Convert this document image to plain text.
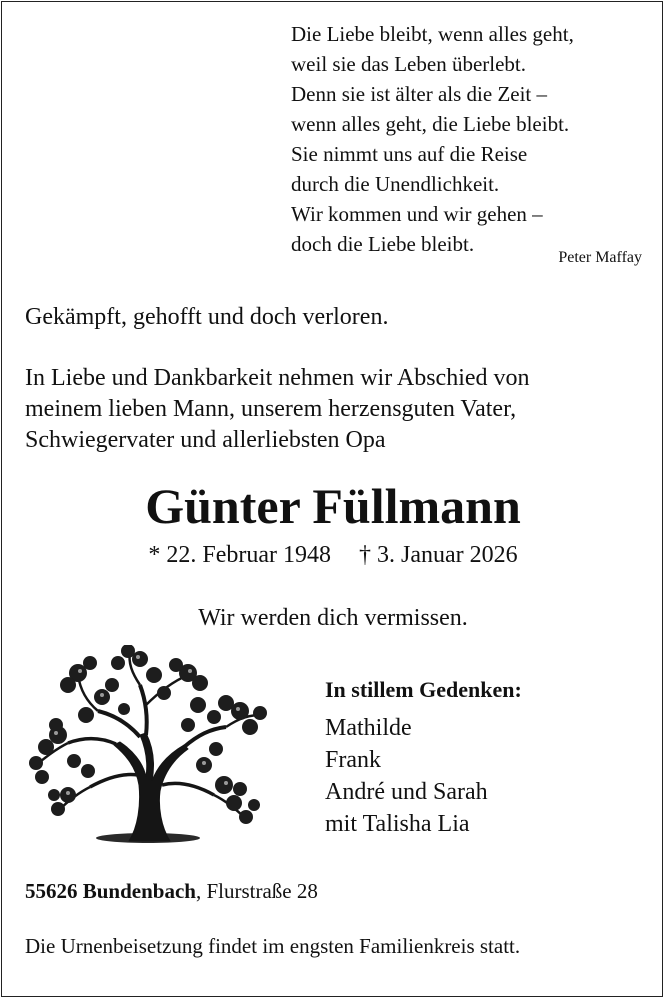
Die Liebe bleibt, wenn alles geht,
weil sie das Leben überlebt.
Denn sie ist älter als die Zeit –
wenn alles geht, die Liebe bleibt.
Sie nimmt uns auf die Reise
durch die Unendlichkeit.
Wir kommen und wir gehen –
doch die Liebe bleibt.
Peter Maffay
Gekämpft, gehofft und doch verloren.
In Liebe und Dankbarkeit nehmen wir Abschied von
meinem lieben Mann, unserem herzensguten Vater,
Schwiegervater und allerliebsten Opa
Günter Füllmann
* 22. Februar 1948 † 3. Januar 2026
Wir werden dich vermissen.
In stillem Gedenken:
Mathilde
Frank
André und Sarah
mit Talisha Lia
55626 Bundenbach, Flurstraße 28
Die Urnenbeisetzung findet im engsten Familienkreis statt.
